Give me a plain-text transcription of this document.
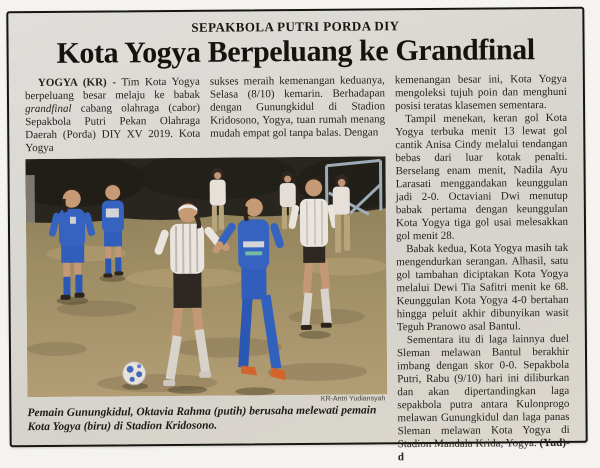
SEPAKBOLA PUTRI PORDA DIY
Kota Yogya Berpeluang ke Grandfinal

YOGYA (KR) - Tim Kota Yogya berpeluang besar melaju ke babak grandfinal cabang olahraga (cabor) Sepakbola Putri Pekan Olahraga Daerah (Porda) DIY XV 2019. Kota Yogya

sukses meraih kemenangan keduanya, Selasa (8/10) kemarin. Berhadapan dengan Gunungkidul di Stadion Kridosono, Yogya, tuan rumah menang mudah empat gol tanpa balas. Dengan

KR-Antri Yudiansyah

Pemain Gunungkidul, Oktavia Rahma (putih) berusaha melewati pemain Kota Yogya (biru) di Stadion Kridosono.

kemenangan besar ini, Kota Yogya mengoleksi tujuh poin dan menghuni posisi teratas klasemen sementara.

Tampil menekan, keran gol Kota Yogya terbuka menit 13 lewat gol cantik Anisa Cindy melalui tendangan bebas dari luar kotak penalti. Berselang enam menit, Nadila Ayu Larasati menggandakan keunggulan jadi 2-0. Octaviani Dwi menutup babak pertama dengan keunggulan Kota Yogya tiga gol usai melesakkan gol menit 28.

Babak kedua, Kota Yogya masih tak mengendurkan serangan. Alhasil, satu gol tambahan diciptakan Kota Yogya melalui Dewi Tia Safitri menit ke 68. Keunggulan Kota Yogya 4-0 bertahan hingga peluit akhir dibunyikan wasit Teguh Pranowo asal Bantul.

Sementara itu di laga lainnya duel Sleman melawan Bantul berakhir imbang dengan skor 0-0. Sepakbola Putri, Rabu (9/10) hari ini diliburkan dan akan dipertandingkan laga sepakbola putra antara Kulonprogo melawan Gunungkidul dan laga panas Sleman melawan Kota Yogya di Stadion Mandala Krida, Yogya. (Yud)-d
